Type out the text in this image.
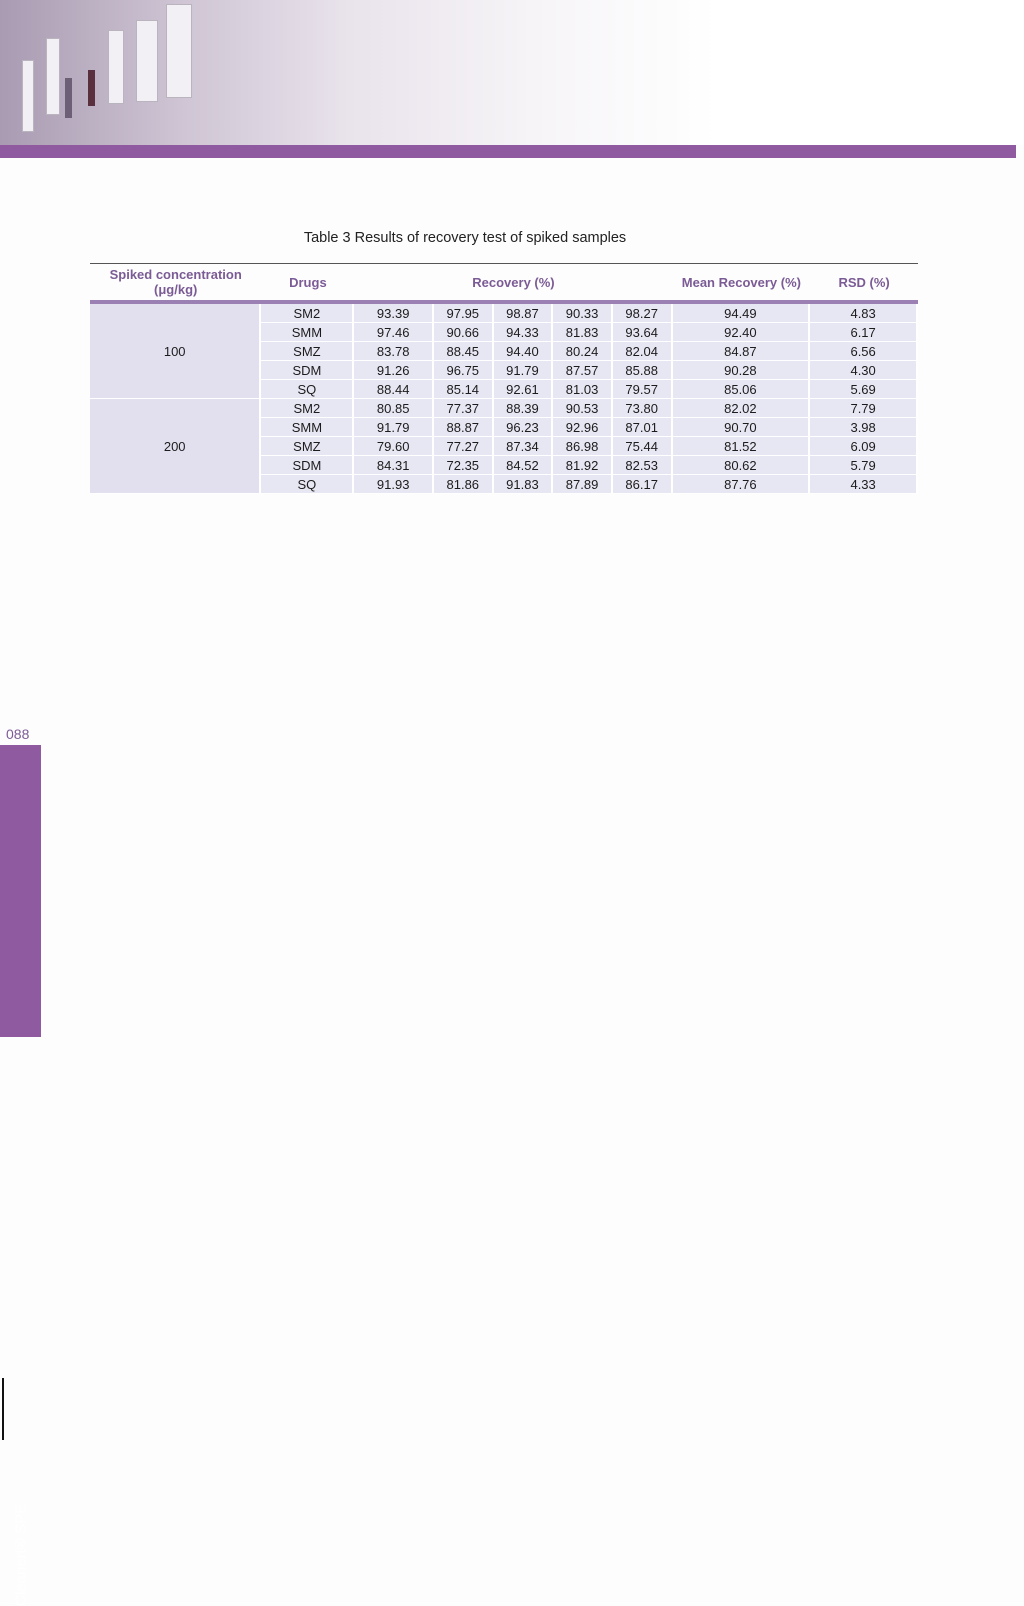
Table 3 Results of recovery test of spiked samples
Spiked concentration
(μg/kg)	Drugs	Recovery (%)					Mean Recovery (%)	RSD (%)
100	SM2	93.39	97.95	98.87	90.33	98.27	94.49	4.83
	SMM	97.46	90.66	94.33	81.83	93.64	92.40	6.17
	SMZ	83.78	88.45	94.40	80.24	82.04	84.87	6.56
	SDM	91.26	96.75	91.79	87.57	85.88	90.28	4.30
	SQ	88.44	85.14	92.61	81.03	79.57	85.06	5.69
200	SM2	80.85	77.37	88.39	90.53	73.80	82.02	7.79
	SMM	91.79	88.87	96.23	92.96	87.01	90.70	3.98
	SMZ	79.60	77.27	87.34	86.98	75.44	81.52	6.09
	SDM	84.31	72.35	84.52	81.92	82.53	80.62	5.79
	SQ	91.93	81.86	91.83	87.89	86.17	87.76	4.33
088
Cleanert® SPE
